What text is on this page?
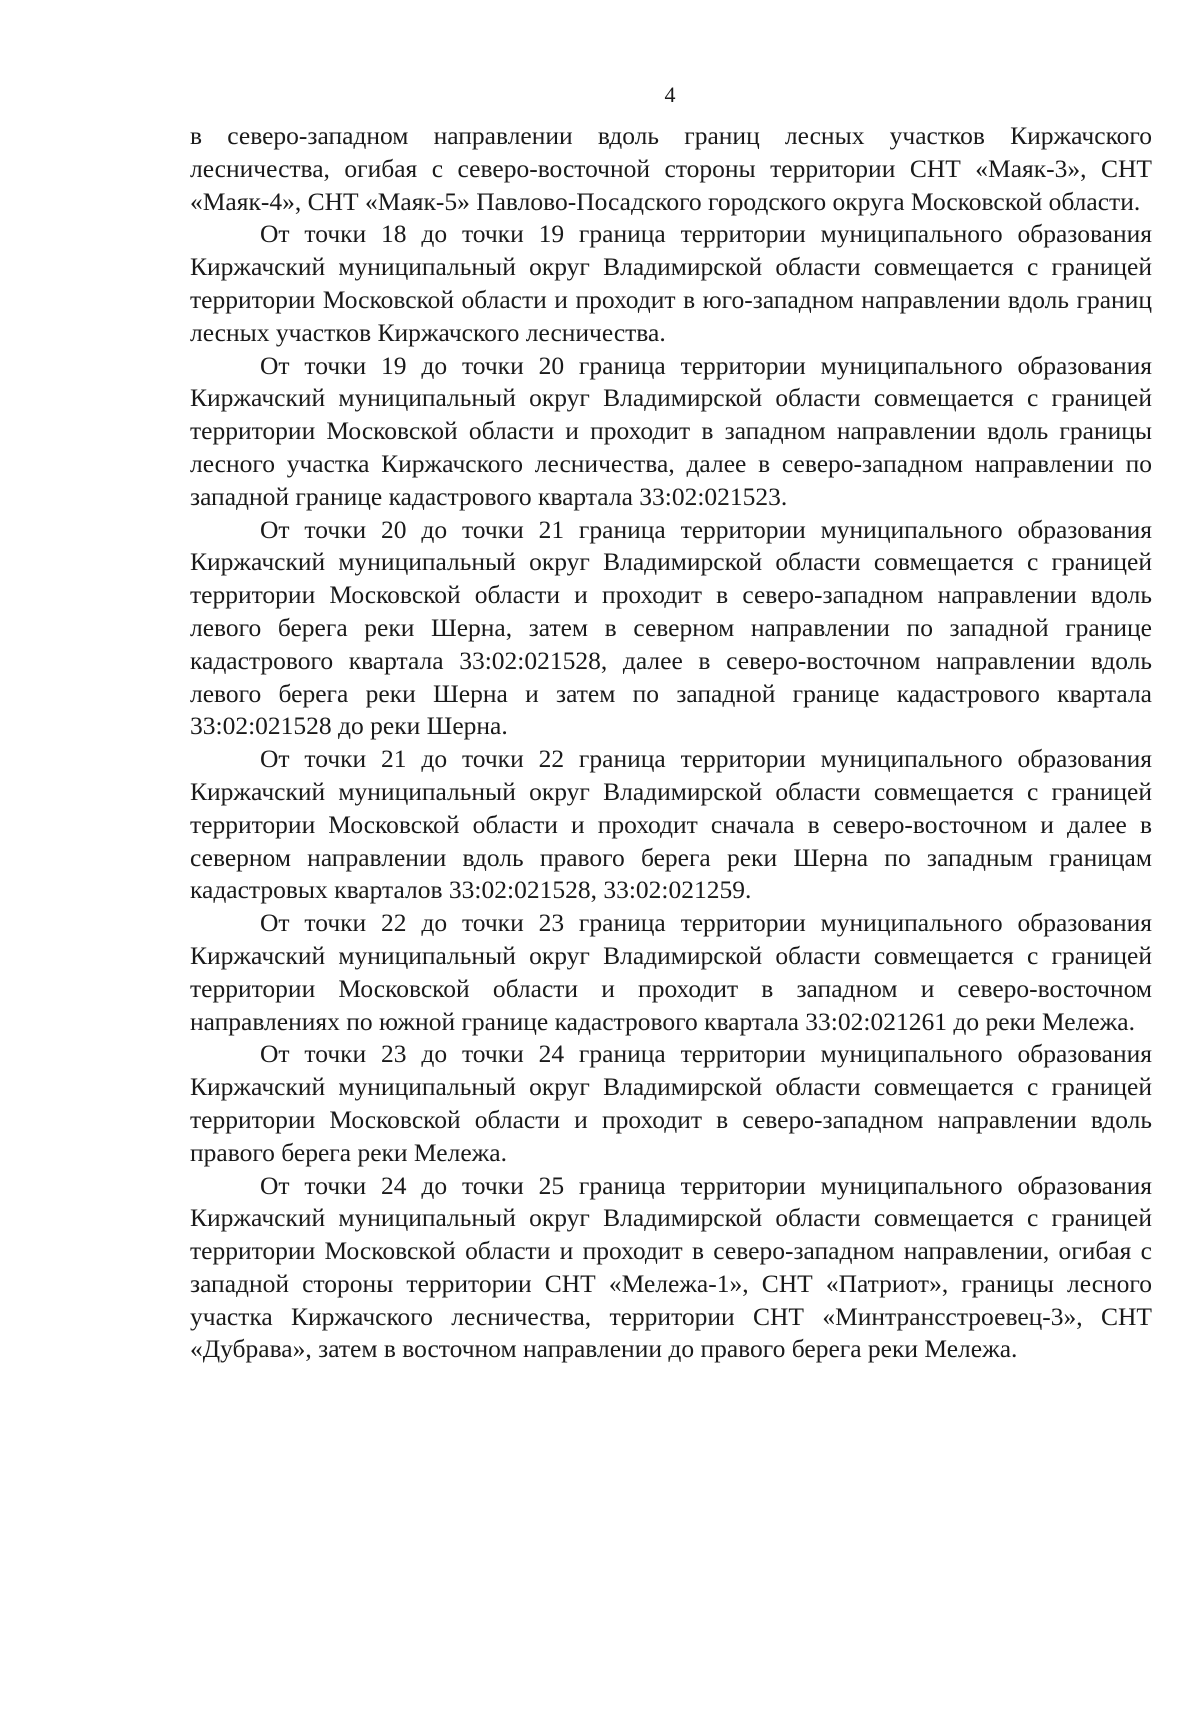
4

в северо-западном направлении вдоль границ лесных участков Киржачского лесничества, огибая с северо-восточной стороны территории СНТ «Маяк-3», СНТ «Маяк-4», СНТ «Маяк-5» Павлово-Посадского городского округа Московской области.

От точки 18 до точки 19 граница территории муниципального образования Киржачский муниципальный округ Владимирской области совмещается с границей территории Московской области и проходит в юго-западном направлении вдоль границ лесных участков Киржачского лесничества.

От точки 19 до точки 20 граница территории муниципального образования Киржачский муниципальный округ Владимирской области совмещается с границей территории Московской области и проходит в западном направлении вдоль границы лесного участка Киржачского лесничества, далее в северо-западном направлении по западной границе кадастрового квартала 33:02:021523.

От точки 20 до точки 21 граница территории муниципального образования Киржачский муниципальный округ Владимирской области совмещается с границей территории Московской области и проходит в северо-западном направлении вдоль левого берега реки Шерна, затем в северном направлении по западной границе кадастрового квартала 33:02:021528, далее в северо-восточном направлении вдоль левого берега реки Шерна и затем по западной границе кадастрового квартала 33:02:021528 до реки Шерна.

От точки 21 до точки 22 граница территории муниципального образования Киржачский муниципальный округ Владимирской области совмещается с границей территории Московской области и проходит сначала в северо-восточном и далее в северном направлении вдоль правого берега реки Шерна по западным границам кадастровых кварталов 33:02:021528, 33:02:021259.

От точки 22 до точки 23 граница территории муниципального образования Киржачский муниципальный округ Владимирской области совмещается с границей территории Московской области и проходит в западном и северо-восточном направлениях по южной границе кадастрового квартала 33:02:021261 до реки Мележа.

От точки 23 до точки 24 граница территории муниципального образования Киржачский муниципальный округ Владимирской области совмещается с границей территории Московской области и проходит в северо-западном направлении вдоль правого берега реки Мележа.

От точки 24 до точки 25 граница территории муниципального образования Киржачский муниципальный округ Владимирской области совмещается с границей территории Московской области и проходит в северо-западном направлении, огибая с западной стороны территории СНТ «Мележа-1», СНТ «Патриот», границы лесного участка Киржачского лесничества, территории СНТ «Минтрансстроевец-3», СНТ «Дубрава», затем в восточном направлении до правого берега реки Мележа.
